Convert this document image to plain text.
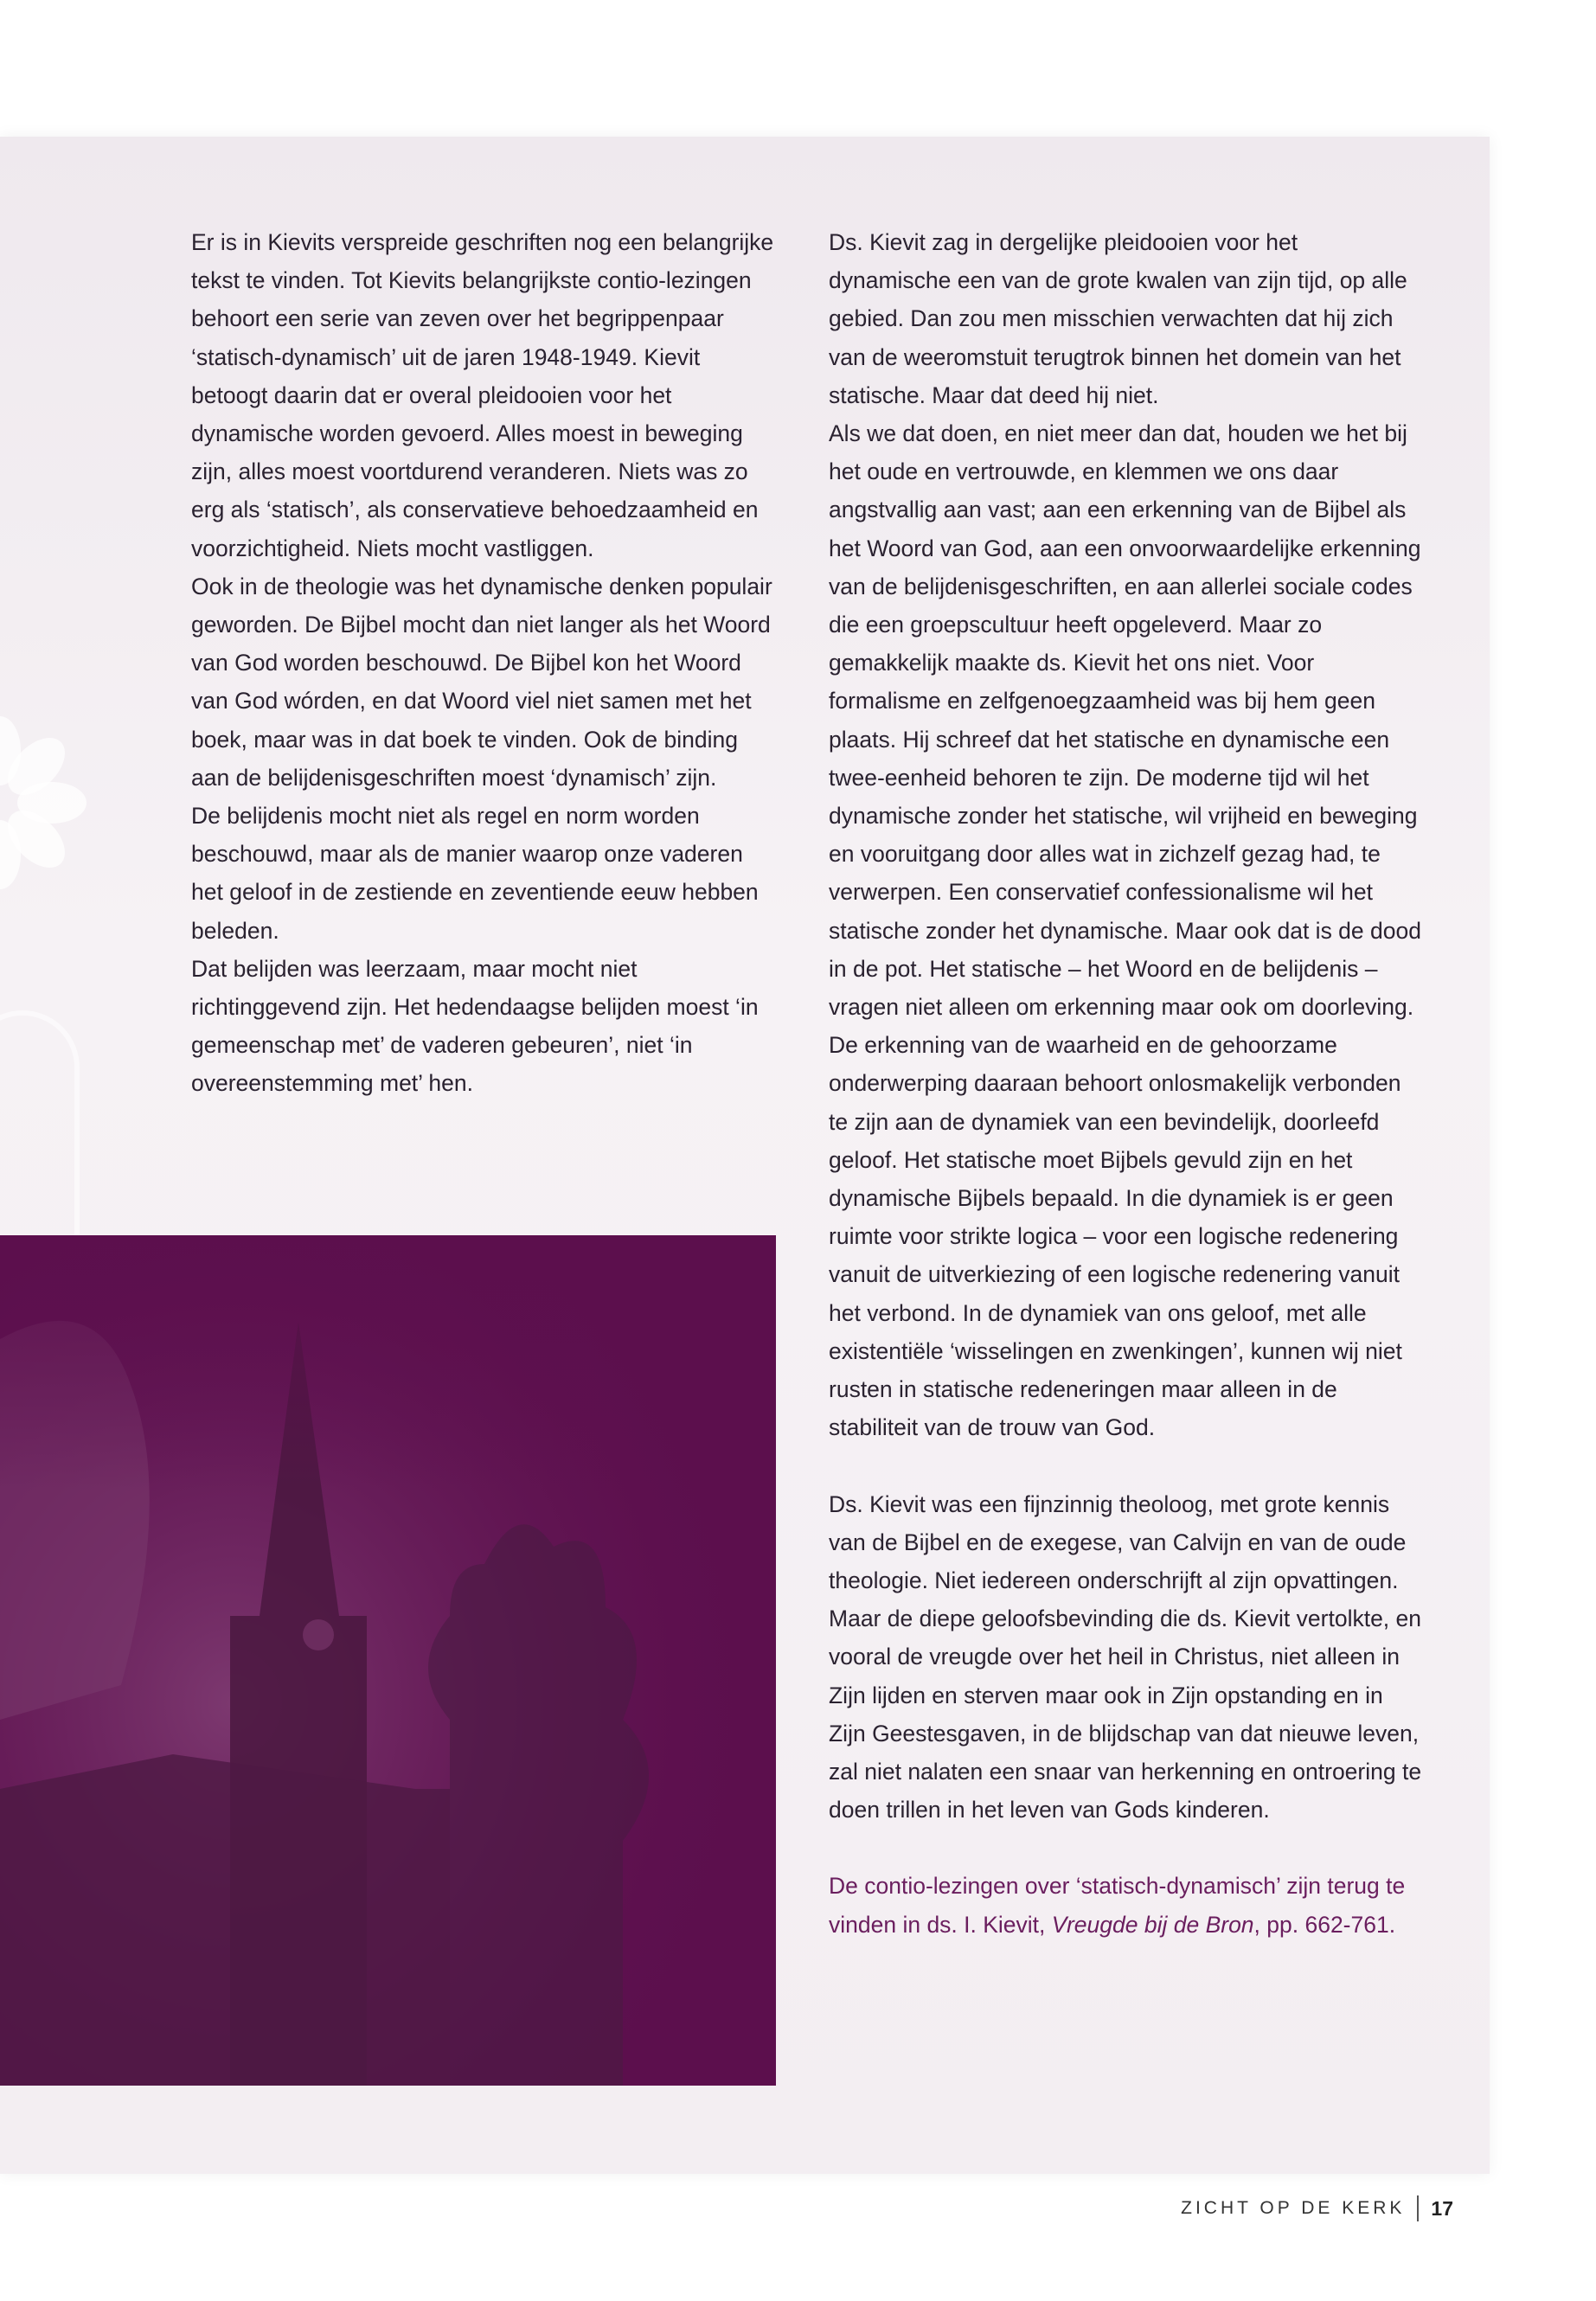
Er is in Kievits verspreide geschriften nog een belangrijke tekst te vinden. Tot Kievits belangrijkste contio-lezingen behoort een serie van zeven over het begrippenpaar ‘statisch-dynamisch’ uit de jaren 1948-1949. Kievit betoogt daarin dat er overal pleidooien voor het dynamische worden gevoerd. Alles moest in beweging zijn, alles moest voortdurend veranderen. Niets was zo erg als ‘statisch’, als conservatieve behoedzaamheid en voorzichtigheid. Niets mocht vastliggen.

Ook in de theologie was het dynamische denken populair geworden. De Bijbel mocht dan niet langer als het Woord van God worden beschouwd. De Bijbel kon het Woord van God wórden, en dat Woord viel niet samen met het boek, maar was in dat boek te vinden. Ook de binding aan de belijdenisgeschriften moest ‘dynamisch’ zijn.

De belijdenis mocht niet als regel en norm worden beschouwd, maar als de manier waarop onze vaderen het geloof in de zestiende en zeventiende eeuw hebben beleden.

Dat belijden was leerzaam, maar mocht niet richtinggevend zijn. Het hedendaagse belijden moest ‘in gemeenschap met’ de vaderen gebeuren’, niet ‘in overeenstemming met’ hen.

Ds. Kievit zag in dergelijke pleidooien voor het dynamische een van de grote kwalen van zijn tijd, op alle gebied. Dan zou men misschien verwachten dat hij zich van de weeromstuit terugtrok binnen het domein van het statische. Maar dat deed hij niet.

Als we dat doen, en niet meer dan dat, houden we het bij het oude en vertrouwde, en klemmen we ons daar angstvallig aan vast; aan een erkenning van de Bijbel als het Woord van God, aan een onvoorwaardelijke erkenning van de belijdenisgeschriften, en aan allerlei sociale codes die een groepscultuur heeft opgeleverd. Maar zo gemakkelijk maakte ds. Kievit het ons niet. Voor formalisme en zelfgenoegzaamheid was bij hem geen plaats. Hij schreef dat het statische en dynamische een twee-eenheid behoren te zijn. De moderne tijd wil het dynamische zonder het statische, wil vrijheid en beweging en vooruitgang door alles wat in zichzelf gezag had, te verwerpen. Een conservatief confessionalisme wil het statische zonder het dynamische. Maar ook dat is de dood in de pot. Het statische – het Woord en de belijdenis – vragen niet alleen om erkenning maar ook om doorleving. De erkenning van de waarheid en de gehoorzame onderwerping daaraan behoort onlosmakelijk verbonden te zijn aan de dynamiek van een bevindelijk, doorleefd geloof. Het statische moet Bijbels gevuld zijn en het dynamische Bijbels bepaald. In die dynamiek is er geen ruimte voor strikte logica – voor een logische redenering vanuit de uitverkiezing of een logische redenering vanuit het verbond. In de dynamiek van ons geloof, met alle existentiële ‘wisselingen en zwenkingen’, kunnen wij niet rusten in statische redeneringen maar alleen in de stabiliteit van de trouw van God.

Ds. Kievit was een fijnzinnig theoloog, met grote kennis van de Bijbel en de exegese, van Calvijn en van de oude theologie. Niet iedereen onderschrijft al zijn opvattingen. Maar de diepe geloofsbevinding die ds. Kievit vertolkte, en vooral de vreugde over het heil in Christus, niet alleen in Zijn lijden en sterven maar ook in Zijn opstanding en in Zijn Geestesgaven, in de blijdschap van dat nieuwe leven, zal niet nalaten een snaar van herkenning en ontroering te doen trillen in het leven van Gods kinderen.

De contio-lezingen over ‘statisch-dynamisch’ zijn terug te vinden in ds. I. Kievit, Vreugde bij de Bron, pp. 662-761.

ZICHT OP DE KERK 17
